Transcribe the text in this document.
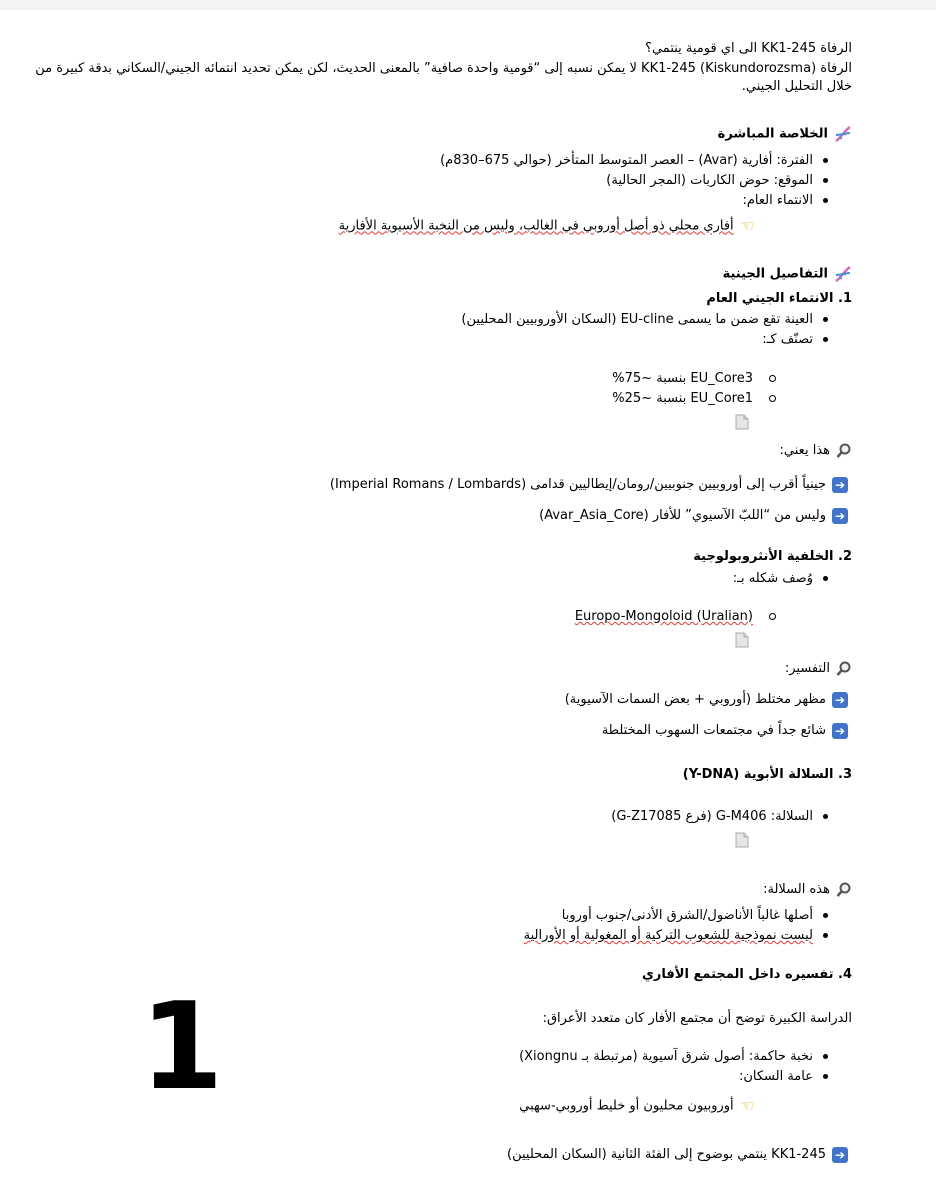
الرفاة KK1-245 الى اي قومية ينتمي؟
الرفاة (Kiskundorozsma) KK1-245 لا يمكن نسبه إلى “قومية واحدة صافية” بالمعنى الحديث، لكن يمكن تحديد انتمائه الجيني/السكاني بدقة كبيرة من
خلال التحليل الجيني.
الخلاصة المباشرة
الفترة: أفارية (Avar) – العصر المتوسط المتأخر (حوالي 675–830م)
الموقع: حوض الكاربات (المجر الحالية)
الانتماء العام:
☜أفاري محلي ذو أصل أوروبي في الغالب، وليس من النخبة الأسيوية الأفارية
التفاصيل الجينية
1. الانتماء الجيني العام
العينة تقع ضمن ما يسمى EU-cline (السكان الأوروبيين المحليين)
تصنّف كـ:
EU_Core3 بنسبة ~75%
EU_Core1 بنسبة ~25%
هذا يعني:
➔جينياً أقرب إلى أوروبيين جنوبيين/رومان/إيطاليين قدامى (Imperial Romans / Lombards)
➔وليس من “اللبّ الآسيوي” للأفار (Avar_Asia_Core)
2. الخلفية الأنثروبولوجية
وُصف شكله بـ:
Europo-Mongoloid (Uralian)
التفسير:
➔مظهر مختلط (أوروبي + بعض السمات الآسيوية)
➔شائع جداً في مجتمعات السهوب المختلطة
3. السلالة الأبوية (Y-DNA)
السلالة: G-M406 (فرع G-Z17085)
هذه السلالة:
أصلها غالباً الأناضول/الشرق الأدنى/جنوب أوروبا
ليست نموذجية للشعوب التركية أو المغولية أو الأورالية
4. تفسيره داخل المجتمع الأفاري
الدراسة الكبيرة توضح أن مجتمع الأفار كان متعدد الأعراق:
نخبة حاكمة: أصول شرق آسيوية (مرتبطة بـ Xiongnu)
عامة السكان:
☜أوروبيون محليون أو خليط أوروبي-سهبي
➔KK1-245 ينتمي بوضوح إلى الفئة الثانية (السكان المحليين)
1
